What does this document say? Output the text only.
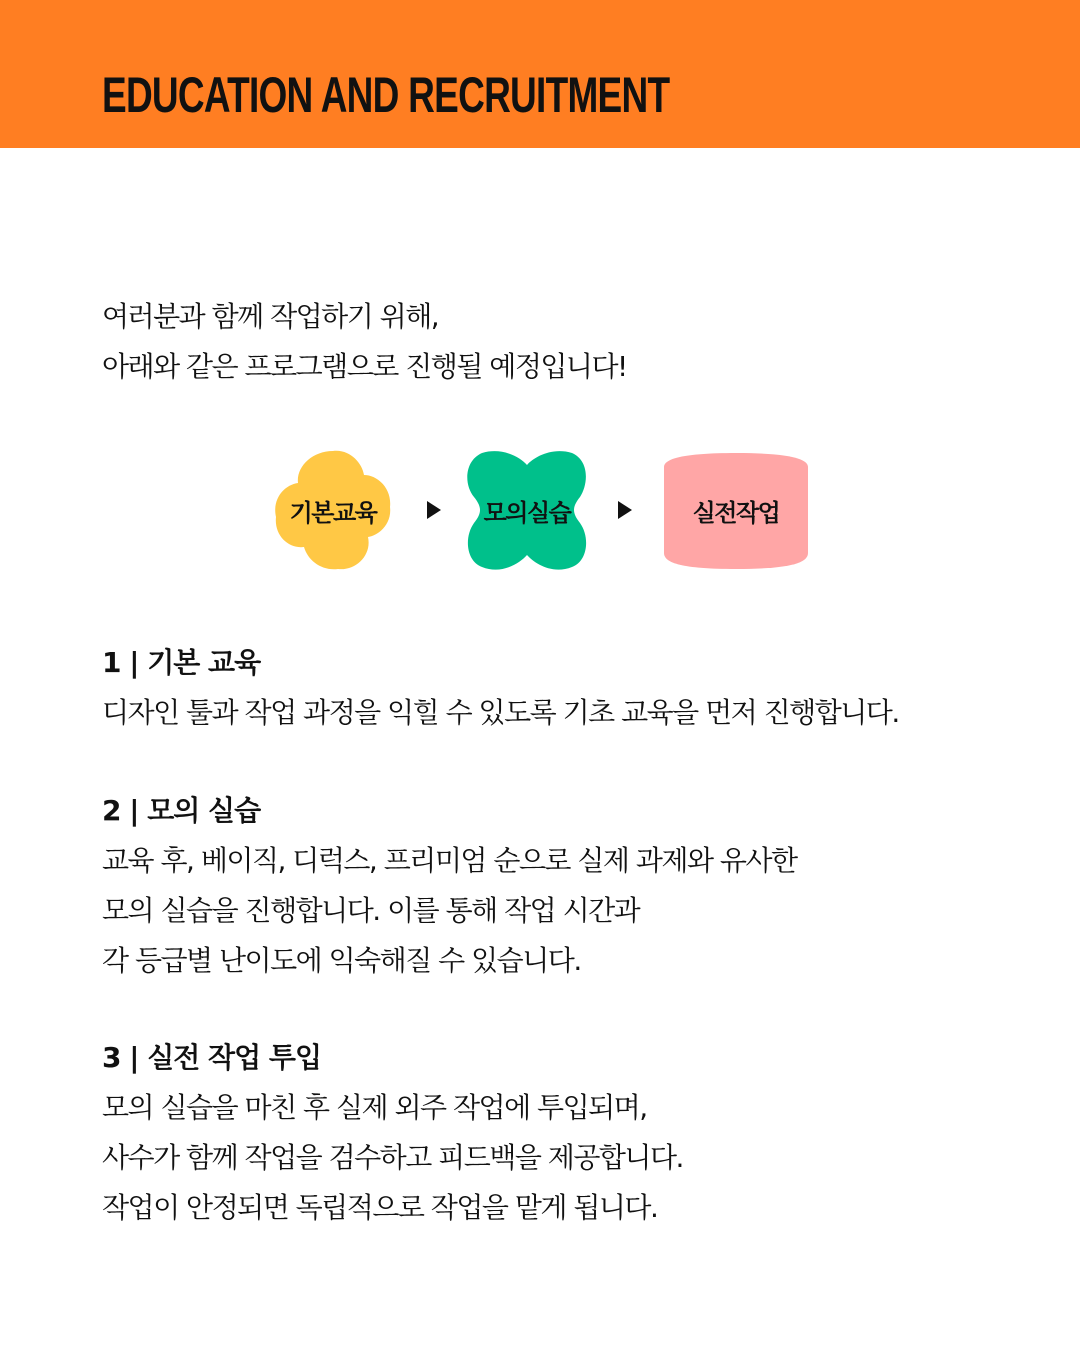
EDUCATION AND RECRUITMENT

여러분과 함께 작업하기 위해,

아래와 같은 프로그램으로 진행될 예정입니다!

기본교육	모의실습	실전작업
1 | 기본 교육

디자인 툴과 작업 과정을 익힐 수 있도록 기초 교육을 먼저 진행합니다.

2 | 모의 실습

교육 후, 베이직, 디럭스, 프리미엄 순으로 실제 과제와 유사한

모의 실습을 진행합니다. 이를 통해 작업 시간과

각 등급별 난이도에 익숙해질 수 있습니다.

3 | 실전 작업 투입

모의 실습을 마친 후 실제 외주 작업에 투입되며,

사수가 함께 작업을 검수하고 피드백을 제공합니다.

작업이 안정되면 독립적으로 작업을 맡게 됩니다.
